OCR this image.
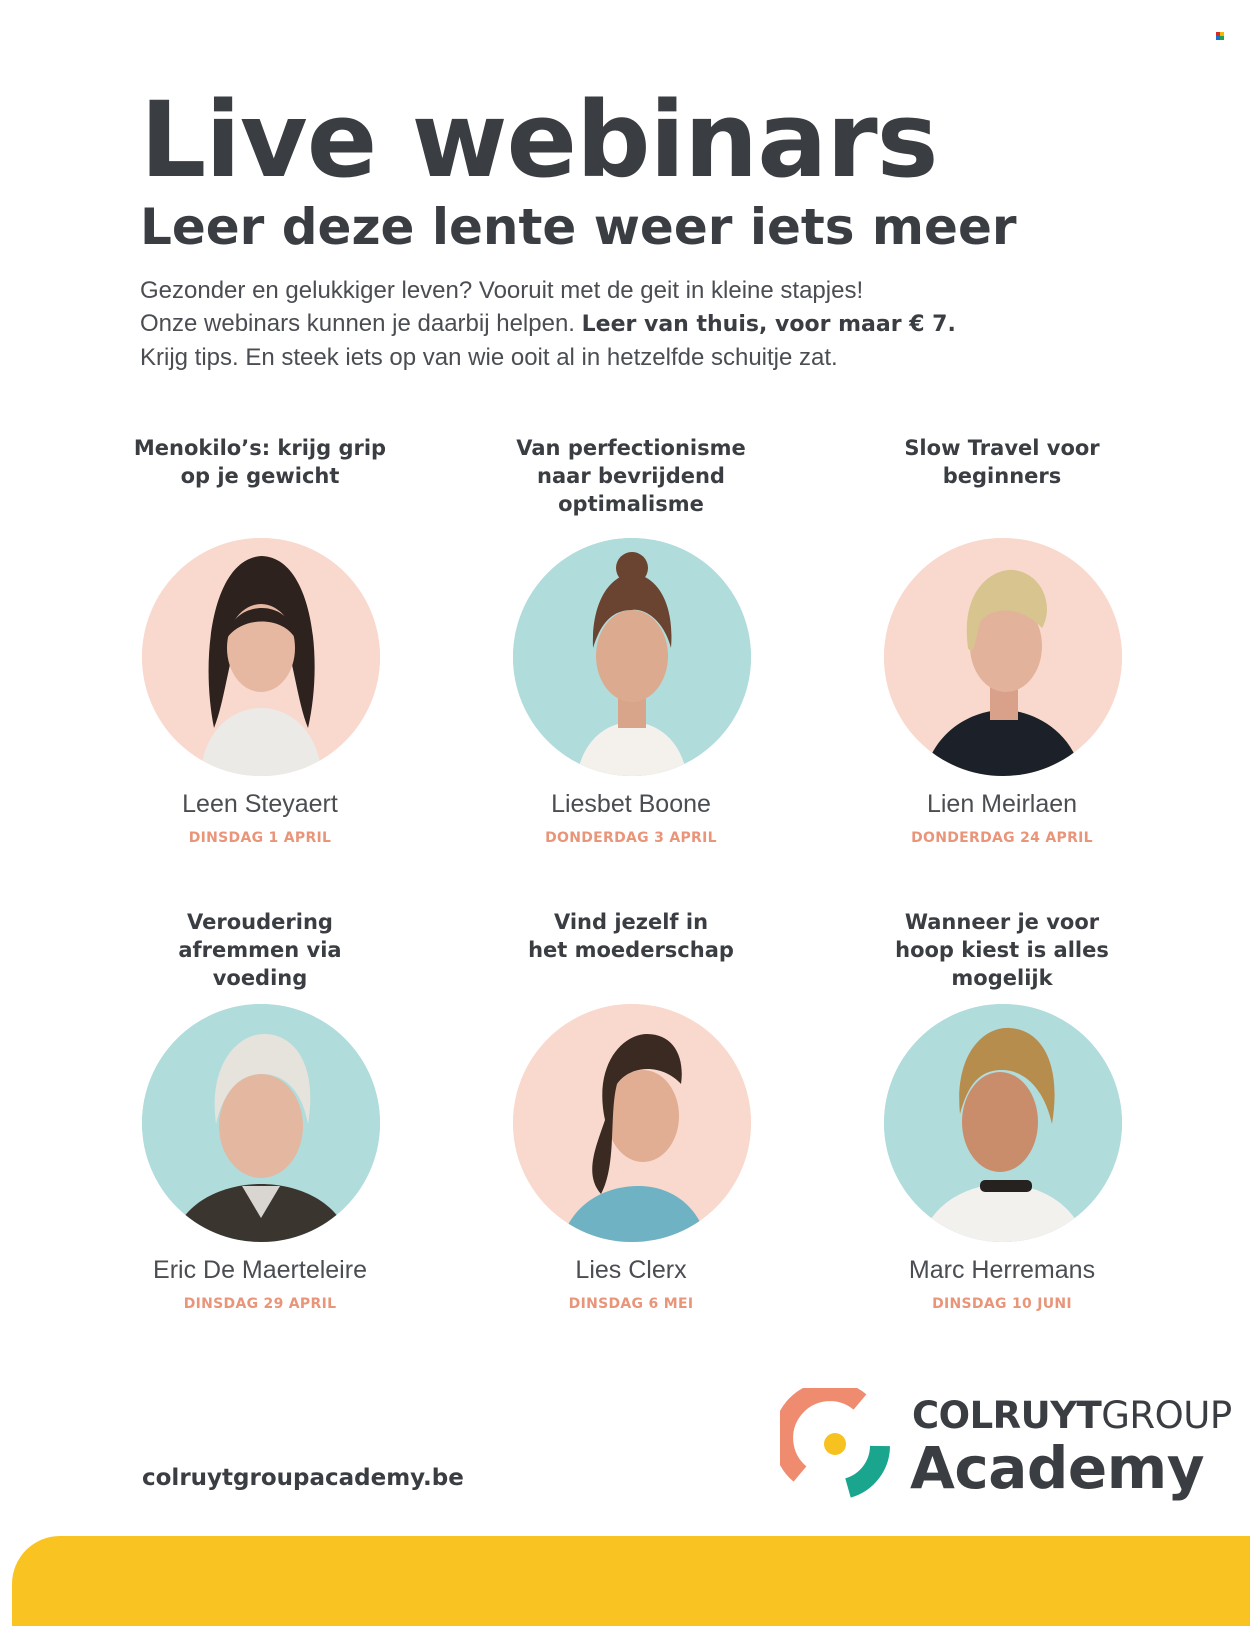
Live webinars
Leer deze lente weer iets meer

Gezonder en gelukkiger leven? Vooruit met de geit in kleine stapjes!

Onze webinars kunnen je daarbij helpen. Leer van thuis, voor maar € 7.

Krijg tips. En steek iets op van wie ooit al in hetzelfde schuitje zat.

Menokilo’s: krijg grip
op je gewicht

Leen Steyaert

DINSDAG 1 APRIL

Van perfectionisme
naar bevrijdend
optimalisme

Liesbet Boone

DONDERDAG 3 APRIL

Slow Travel voor
beginners

Lien Meirlaen

DONDERDAG 24 APRIL

Veroudering
afremmen via
voeding

Eric De Maerteleire

DINSDAG 29 APRIL

Vind jezelf in
het moederschap

Lies Clerx

DINSDAG 6 MEI

Wanneer je voor
hoop kiest is alles
mogelijk

Marc Herremans

DINSDAG 10 JUNI

colruytgroupacademy.be
COLRUYTGROUP
Academy
